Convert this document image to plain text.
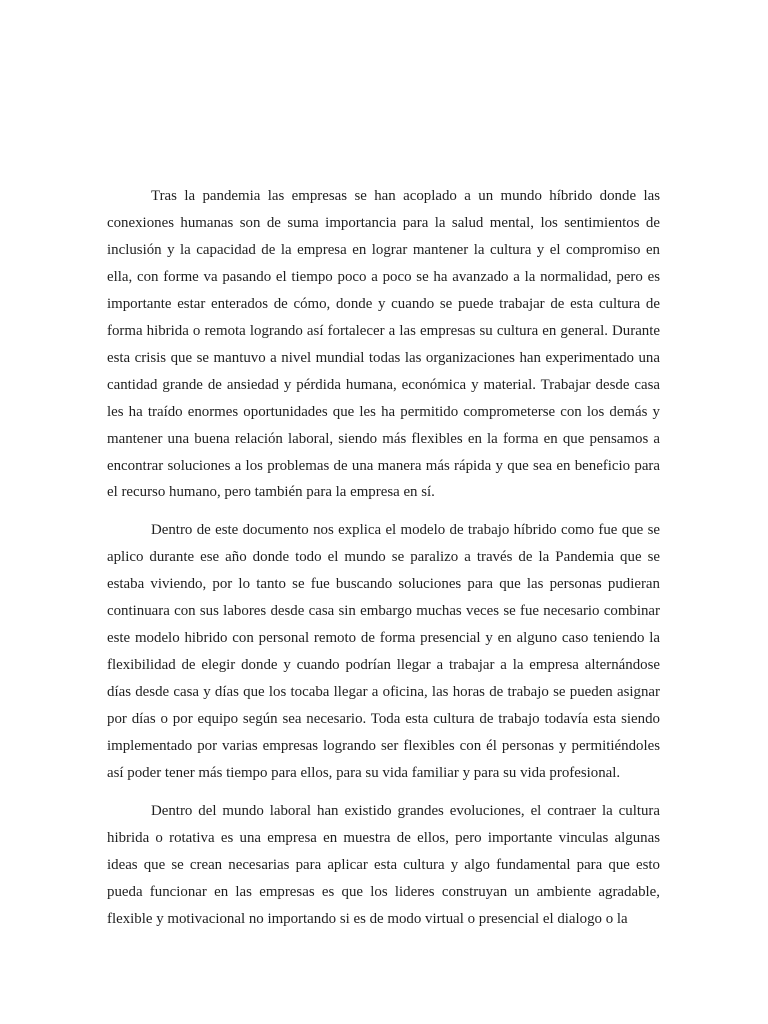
Tras la pandemia las empresas se han acoplado a un mundo híbrido donde las conexiones humanas son de suma importancia para la salud mental, los sentimientos de inclusión y la capacidad de la empresa en lograr mantener la cultura y el compromiso en ella, con forme va pasando el tiempo poco a poco se ha avanzado a la normalidad, pero es importante estar enterados de cómo, donde y cuando se puede trabajar de esta cultura de forma hibrida o remota logrando así fortalecer a las empresas su cultura en general. Durante esta crisis que se mantuvo a nivel mundial todas las organizaciones han experimentado una cantidad grande de ansiedad y pérdida humana, económica y material. Trabajar desde casa les ha traído enormes oportunidades que les ha permitido comprometerse con los demás y mantener una buena relación laboral, siendo más flexibles en la forma en que pensamos a encontrar soluciones a los problemas de una manera más rápida y que sea en beneficio para el recurso humano, pero también para la empresa en sí.

Dentro de este documento nos explica el modelo de trabajo híbrido como fue que se aplico durante ese año donde todo el mundo se paralizo a través de la Pandemia que se estaba viviendo, por lo tanto se fue buscando soluciones para que las personas pudieran continuara con sus labores desde casa sin embargo muchas veces se fue necesario combinar este modelo hibrido con personal remoto de forma presencial y en alguno caso teniendo la flexibilidad de elegir donde y cuando podrían llegar a trabajar a la empresa alternándose días desde casa y días que los tocaba llegar a oficina, las horas de trabajo se pueden asignar por días o por equipo según sea necesario. Toda esta cultura de trabajo todavía esta siendo implementado por varias empresas logrando ser flexibles con él personas y permitiéndoles así poder tener más tiempo para ellos, para su vida familiar y para su vida profesional.

Dentro del mundo laboral han existido grandes evoluciones, el contraer la cultura hibrida o rotativa es una empresa en muestra de ellos, pero importante vinculas algunas ideas que se crean necesarias para aplicar esta cultura y algo fundamental para que esto pueda funcionar en las empresas es que los lideres construyan un ambiente agradable, flexible y motivacional no importando si es de modo virtual o presencial el dialogo o la
